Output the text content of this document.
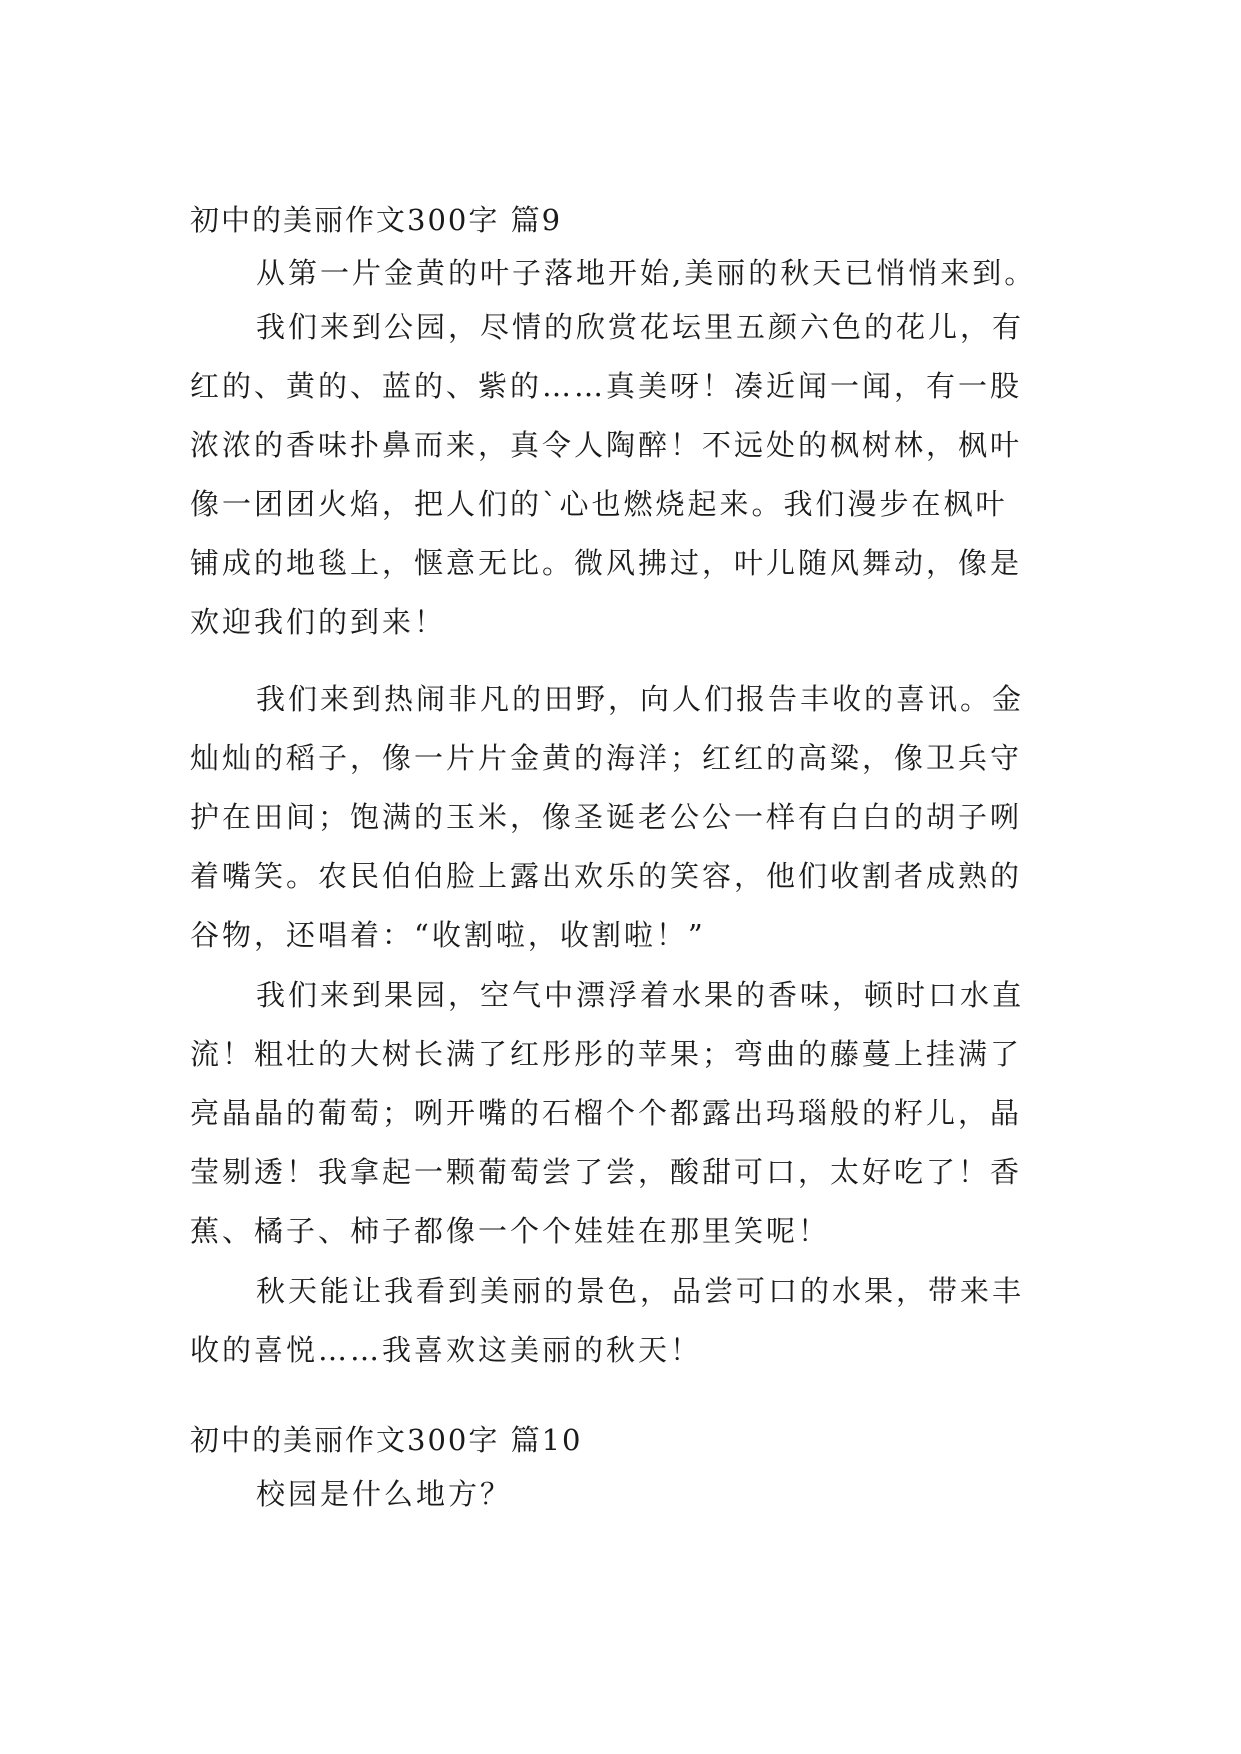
初中的美丽作文300字 篇9
从第一片金黄的叶子落地开始,美丽的秋天已悄悄来到。
我们来到公园，尽情的欣赏花坛里五颜六色的花儿，有
红的、黄的、蓝的、紫的……真美呀！凑近闻一闻，有一股
浓浓的香味扑鼻而来，真令人陶醉！不远处的枫树林，枫叶
像一团团火焰，把人们的`心也燃烧起来。我们漫步在枫叶
铺成的地毯上，惬意无比。微风拂过，叶儿随风舞动，像是
欢迎我们的到来！
我们来到热闹非凡的田野，向人们报告丰收的喜讯。金
灿灿的稻子，像一片片金黄的海洋；红红的高粱，像卫兵守
护在田间；饱满的玉米，像圣诞老公公一样有白白的胡子咧
着嘴笑。农民伯伯脸上露出欢乐的笑容，他们收割者成熟的
谷物，还唱着：“收割啦，收割啦！”
我们来到果园，空气中漂浮着水果的香味，顿时口水直
流！粗壮的大树长满了红彤彤的苹果；弯曲的藤蔓上挂满了
亮晶晶的葡萄；咧开嘴的石榴个个都露出玛瑙般的籽儿，晶
莹剔透！我拿起一颗葡萄尝了尝，酸甜可口，太好吃了！香
蕉、橘子、柿子都像一个个娃娃在那里笑呢！
秋天能让我看到美丽的景色，品尝可口的水果，带来丰
收的喜悦……我喜欢这美丽的秋天！
初中的美丽作文300字 篇10
校园是什么地方？
